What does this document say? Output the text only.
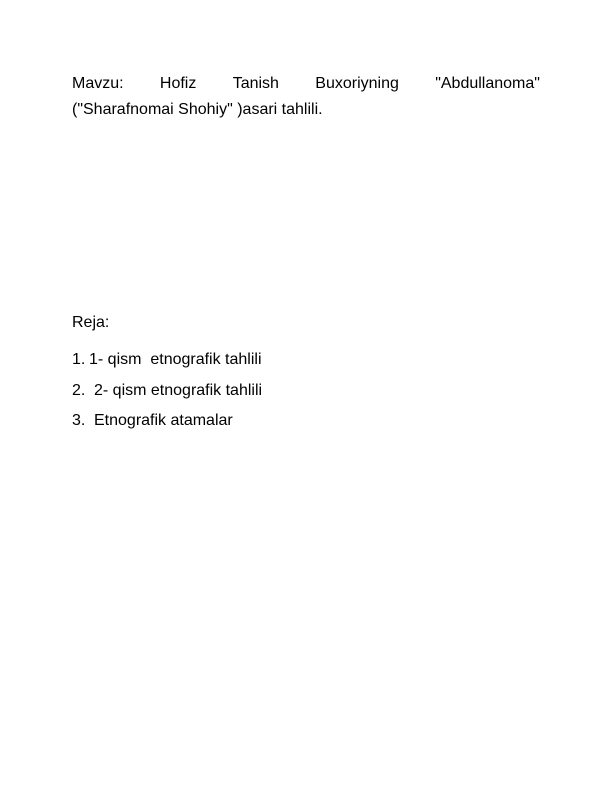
Mavzu: Hofiz Tanish Buxoriyning "Abdullanoma"
("Sharafnomai Shohiy" )asari tahlili.

Reja:

1. 1- qism  etnografik tahlili
2. 2- qism etnografik tahlili
3. Etnografik atamalar
